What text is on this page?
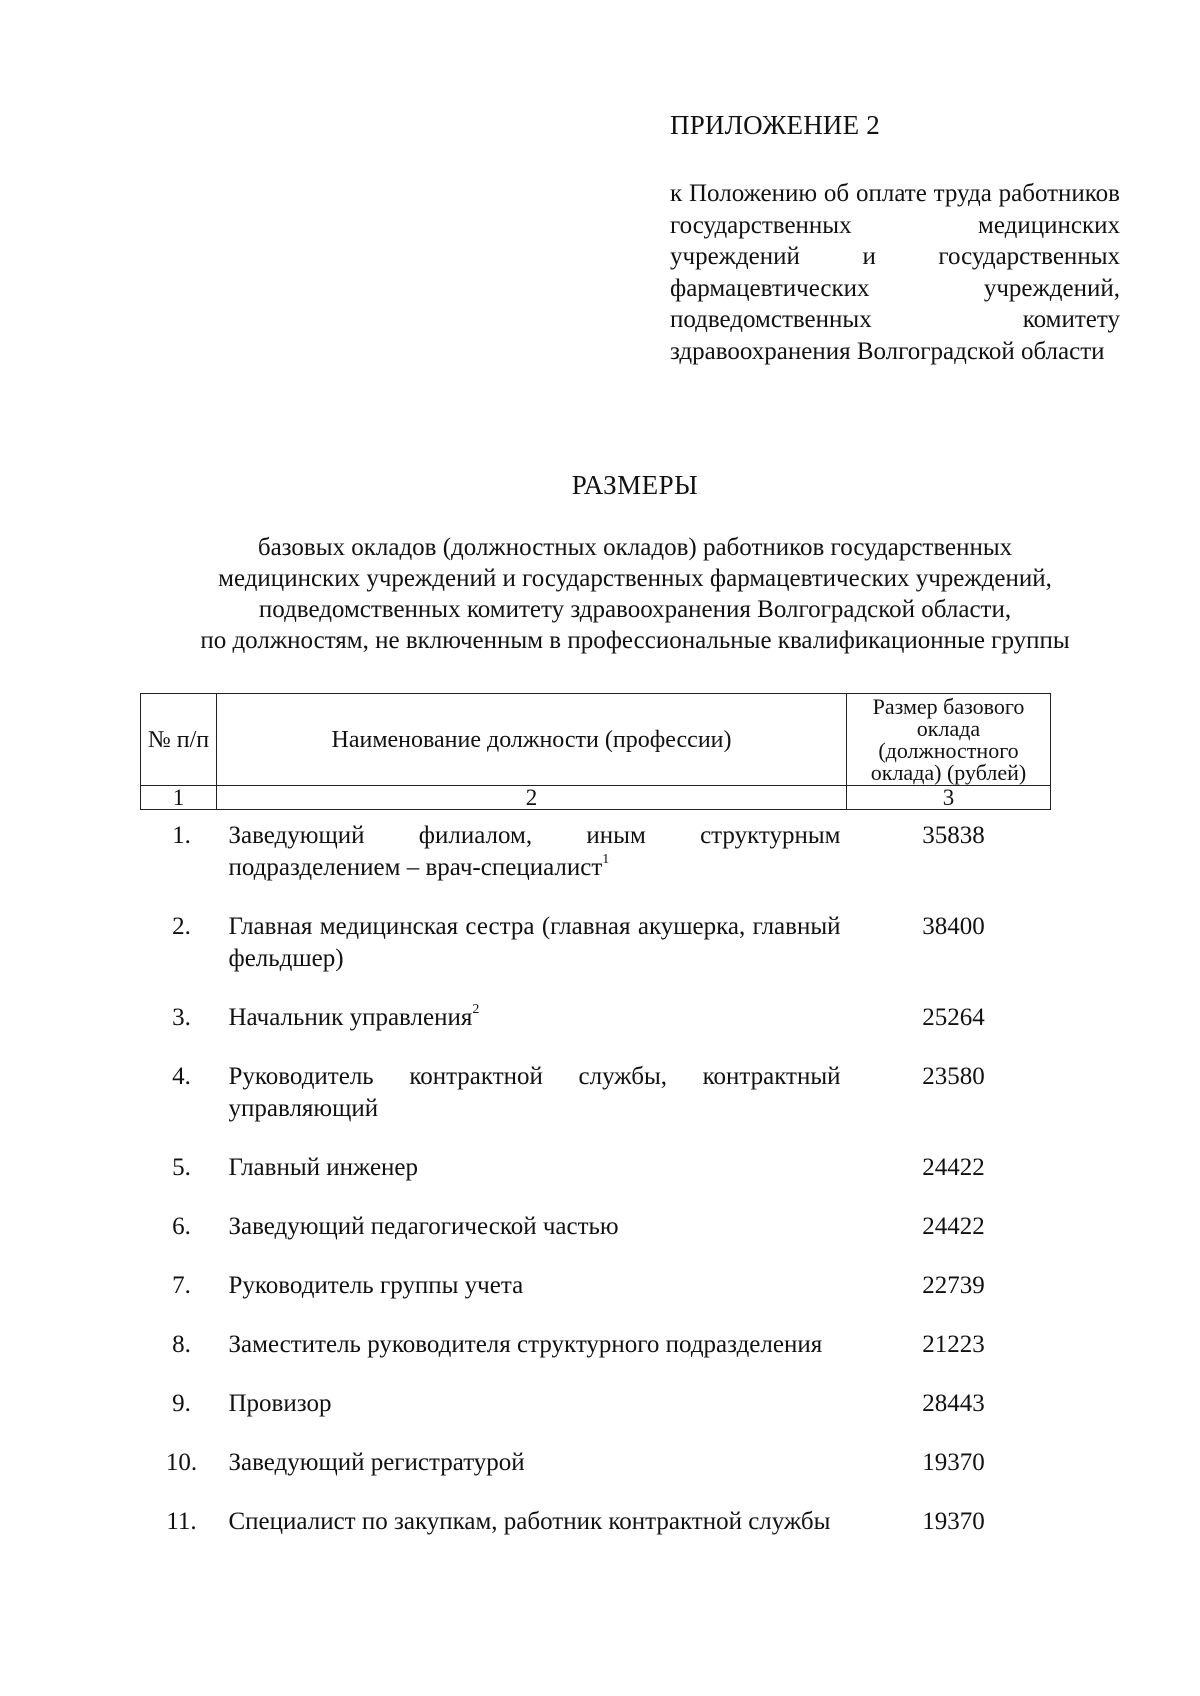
ПРИЛОЖЕНИЕ 2
к Положению об оплате труда работников государственных медицинских учреждений и государственных фармацевтических учреждений, подведомственных комитету здравоохранения Волгоградской области
РАЗМЕРЫ
базовых окладов (должностных окладов) работников государственных
медицинских учреждений и государственных фармацевтических учреждений,
подведомственных комитету здравоохранения Волгоградской области,
по должностям, не включенным в профессиональные квалификационные группы
№ п/п	Наименование должности (профессии)	Размер базового оклада (должностного оклада) (рублей)
1	2	3
1.	Заведующий филиалом, иным структурным подразделением – врач-специалист$^1$	35838
2.	Главная медицинская сестра (главная акушерка, главный фельдшер)	38400
3.	Начальник управления$^2$	25264
4.	Руководитель контрактной службы, контрактный управляющий	23580
5.	Главный инженер	24422
6.	Заведующий педагогической частью	24422
7.	Руководитель группы учета	22739
8.	Заместитель руководителя структурного подразделения	21223
9.	Провизор	28443
10.	Заведующий регистратурой	19370
11.	Специалист по закупкам, работник контрактной службы	19370
